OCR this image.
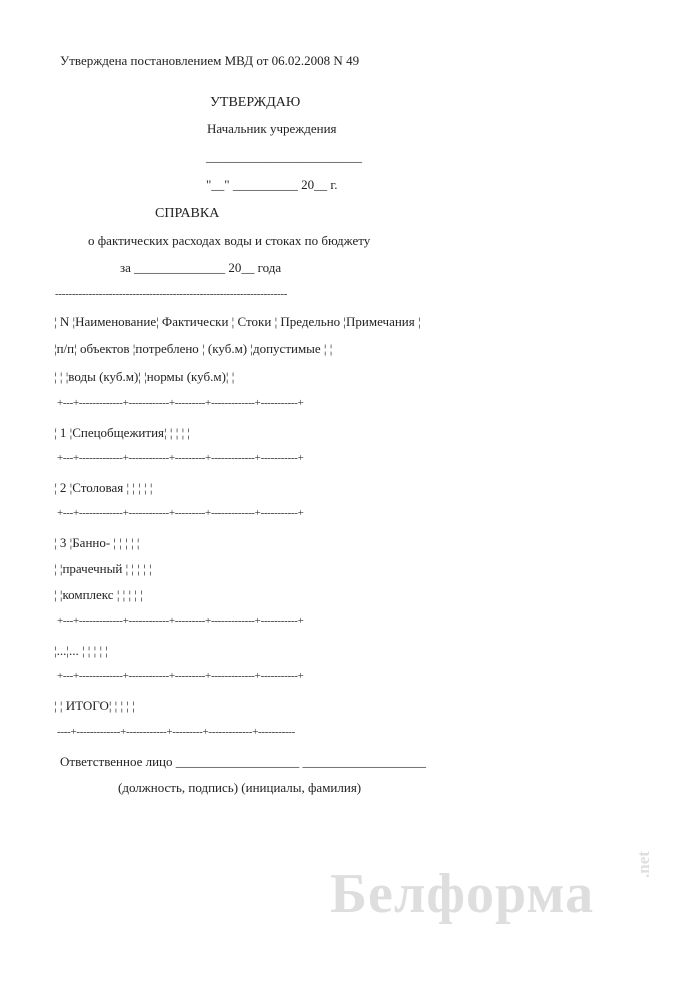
Утверждена постановлением МВД от 06.02.2008 N 49
УТВЕРЖДАЮ
Начальник учреждения
________________________
"__" __________ 20__ г.
СПРАВКА
о фактических расходах воды и стоках по бюджету
за ______________ 20__ года
---------------------------------------------------------------------
¦ N ¦Наименование¦ Фактически ¦ Стоки ¦ Предельно ¦Примечания ¦
¦п/п¦ объектов ¦потреблено ¦ (куб.м) ¦допустимые ¦ ¦
¦ ¦ ¦воды (куб.м)¦ ¦нормы (куб.м)¦ ¦
+---+-------------+------------+---------+-------------+-----------+
¦ 1 ¦Спецобщежития¦ ¦ ¦ ¦ ¦
+---+-------------+------------+---------+-------------+-----------+
¦ 2 ¦Столовая ¦ ¦ ¦ ¦ ¦
+---+-------------+------------+---------+-------------+-----------+
¦ 3 ¦Банно- ¦ ¦ ¦ ¦ ¦
¦ ¦прачечный ¦ ¦ ¦ ¦ ¦
¦ ¦комплекс ¦ ¦ ¦ ¦ ¦
+---+-------------+------------+---------+-------------+-----------+
¦...¦... ¦ ¦ ¦ ¦ ¦
+---+-------------+------------+---------+-------------+-----------+
¦ ¦ ИТОГО¦ ¦ ¦ ¦ ¦
----+-------------+------------+---------+-------------+-----------
Ответственное лицо ___________________ ___________________
(должность, подпись) (инициалы, фамилия)
Белформа .net
